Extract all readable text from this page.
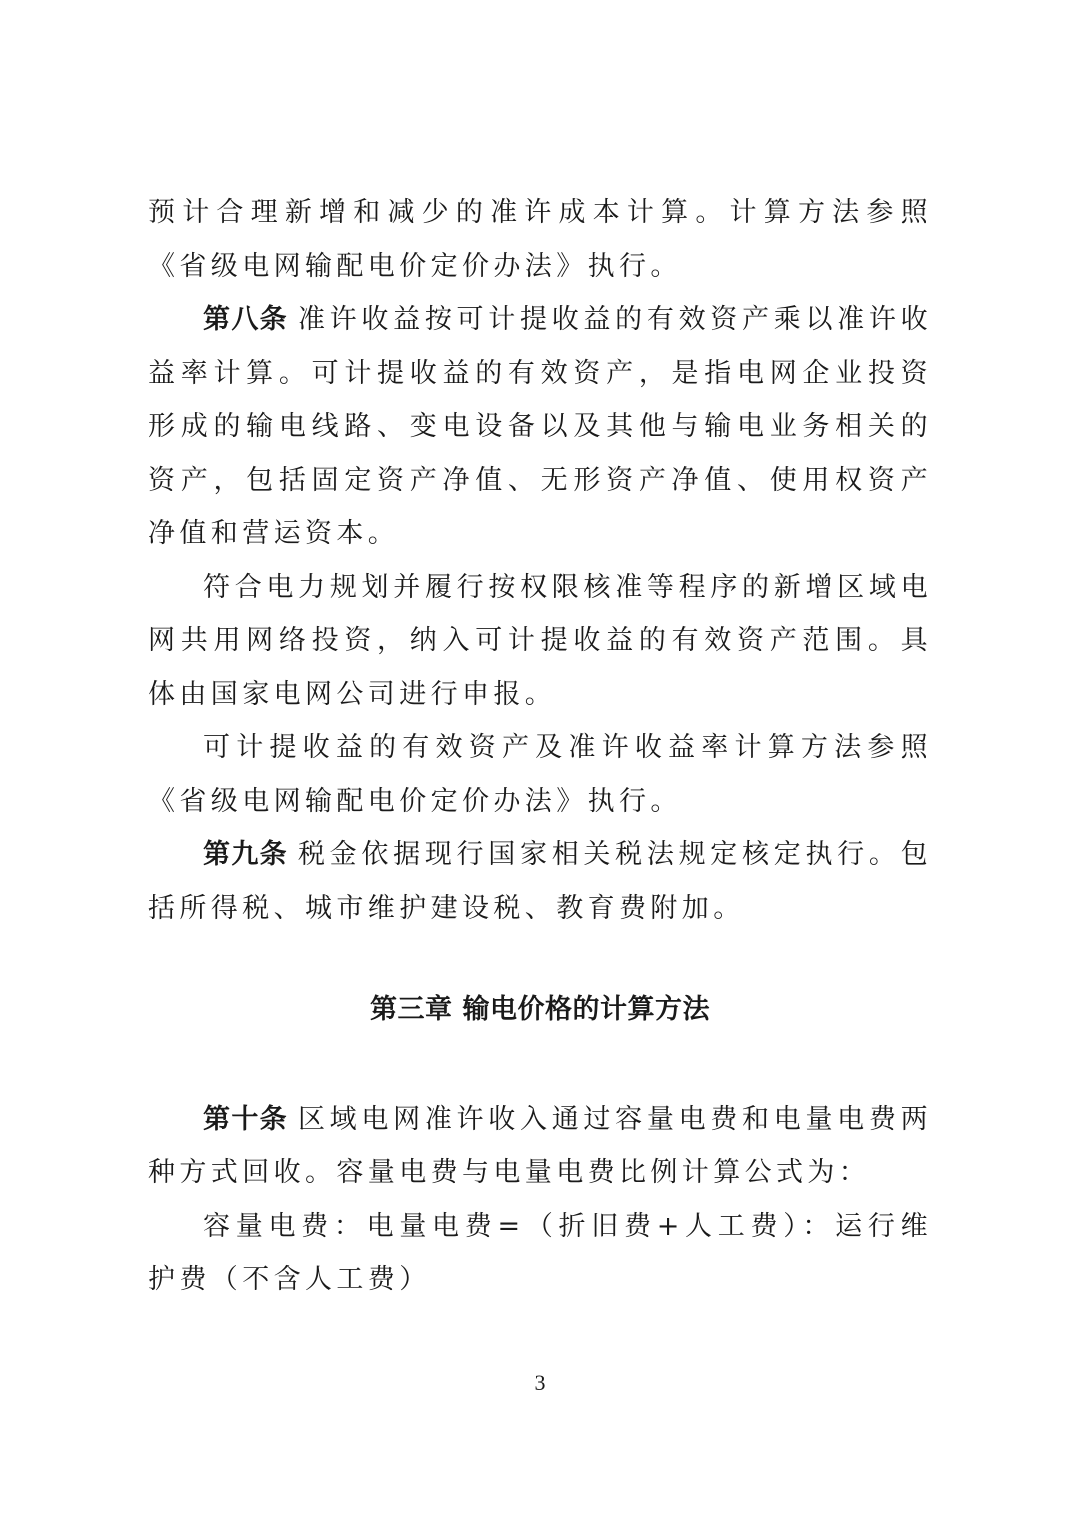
预计合理新增和减少的准许成本计算。计算方法参照《省级电网输配电价定价办法》执行。

第八条 准许收益按可计提收益的有效资产乘以准许收益率计算。可计提收益的有效资产，是指电网企业投资形成的输电线路、变电设备以及其他与输电业务相关的资产，包括固定资产净值、无形资产净值、使用权资产净值和营运资本。

符合电力规划并履行按权限核准等程序的新增区域电网共用网络投资，纳入可计提收益的有效资产范围。具体由国家电网公司进行申报。

可计提收益的有效资产及准许收益率计算方法参照《省级电网输配电价定价办法》执行。

第九条 税金依据现行国家相关税法规定核定执行。包括所得税、城市维护建设税、教育费附加。

第三章 输电价格的计算方法

第十条 区域电网准许收入通过容量电费和电量电费两种方式回收。容量电费与电量电费比例计算公式为：

容量电费：电量电费=（折旧费+人工费）：运行维护费（不含人工费）

3
